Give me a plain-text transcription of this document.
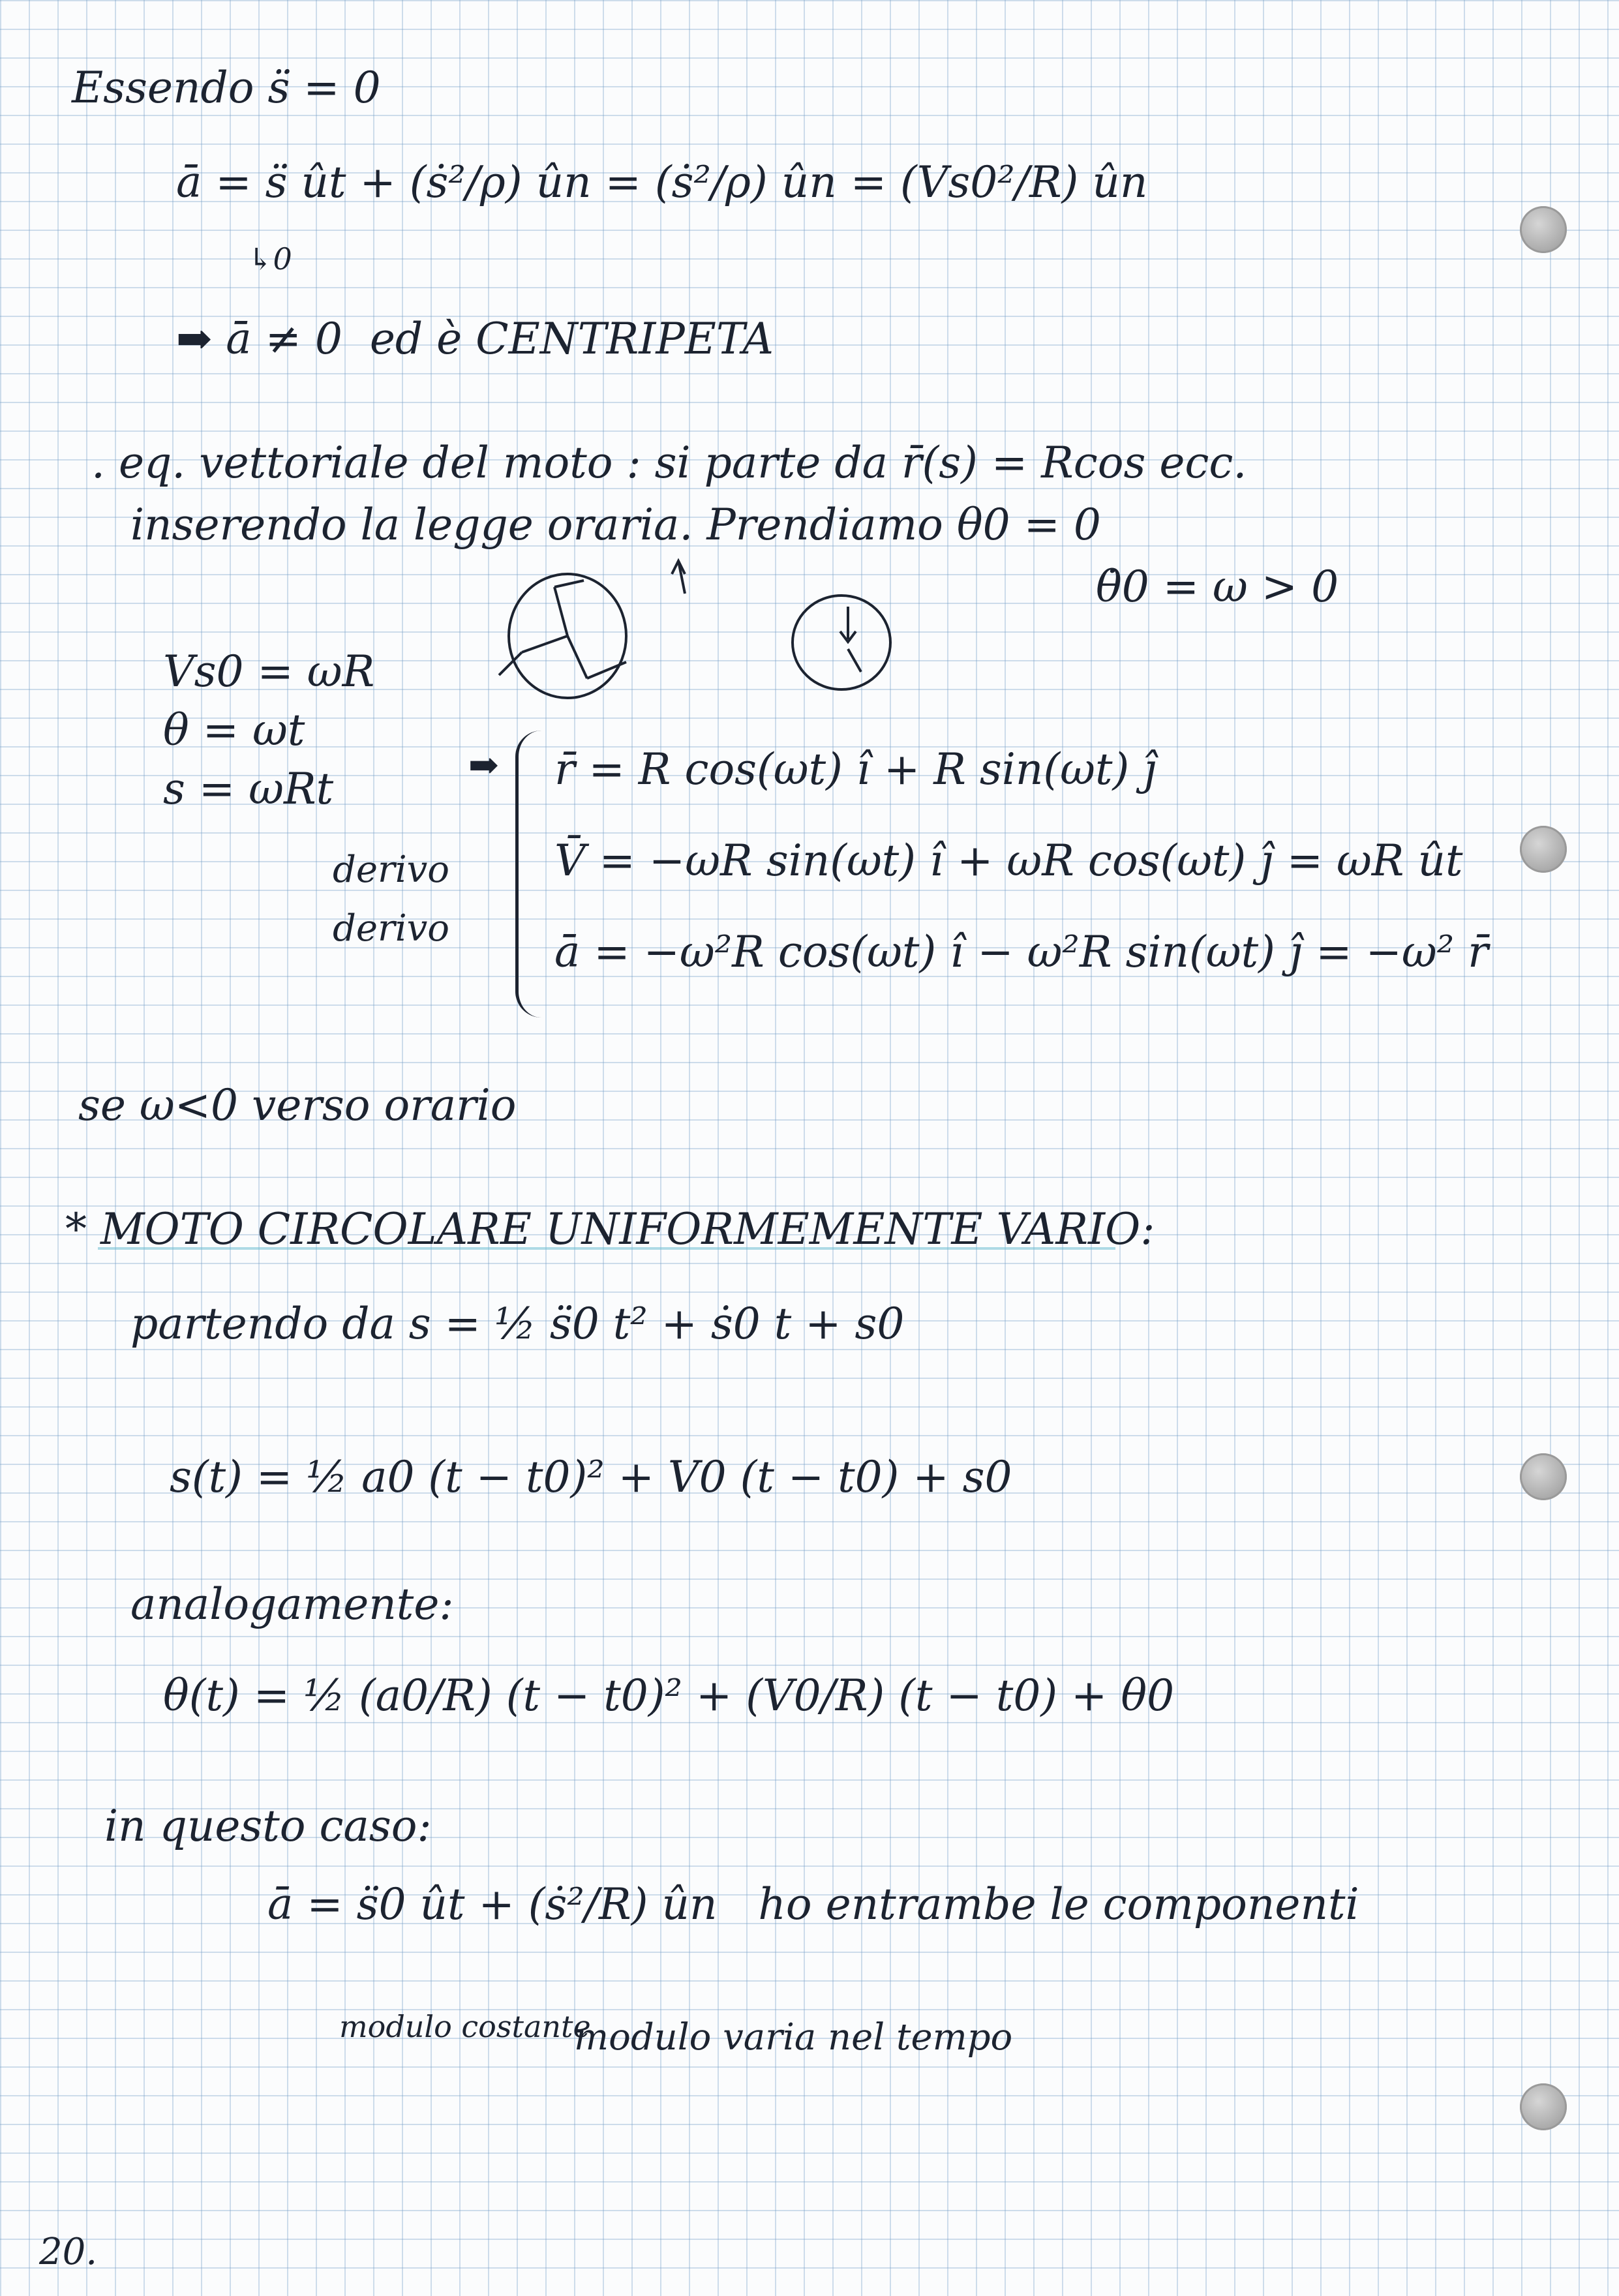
Essendo s̈ = 0
ā = s̈ ût + (ṡ²/ρ) ûn = (ṡ²/ρ) ûn = (Vs0²/R) ûn
↳0
➡ ā ≠ 0  ed è CENTRIPETA
. eq. vettoriale del moto : si parte da r̄(s) = Rcos ecc.
inserendo la legge oraria. Prendiamo θ0 = 0
θ̇0 = ω > 0
Vs0 = ωR
θ = ωt
s = ωRt	➡ r̄ = R cos(ωt) î + R sin(ωt) ĵ
derivo V̄ = −ωR sin(ωt) î + ωR cos(ωt) ĵ = ωR ût
derivo ā = −ω²R cos(ωt) î − ω²R sin(ωt) ĵ = −ω² r̄
se ω<0 verso orario
* MOTO CIRCOLARE UNIFORMEMENTE VARIO:
partendo da s = ½ s̈0 t² + ṡ0 t + s0
s(t) = ½ a0 (t − t0)² + V0 (t − t0) + s0
analogamente:
θ(t) = ½ (a0/R) (t − t0)² + (V0/R) (t − t0) + θ0
in questo caso:
ā = s̈0 ût + (ṡ²/R) ûn   ho entrambe le componenti
modulo costante
modulo varia nel tempo
20.
